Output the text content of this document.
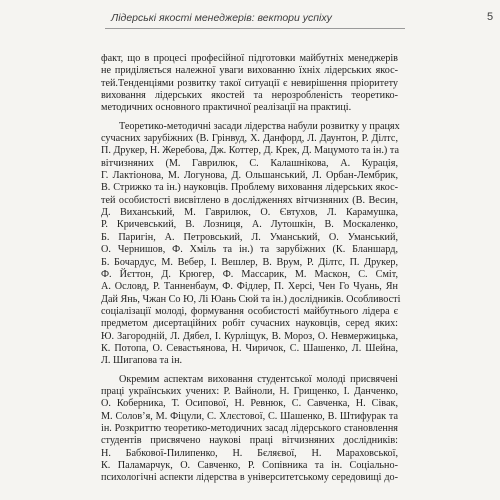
Лідерські якості менеджерів: вектори успіху	5
факт, що в процесі професійної підготовки майбутніх менеджерів
не приділяється належної уваги вихованню їхніх лідерських якос-
тей.Тенденціями розвитку такої ситуації є невирішення пріоритету
виховання лідерських якостей та нерозробленість теоретико-
методичних основного практичної реалізації на практиці.
Теоретико-методичні засади лідерства набули розвитку у працях
сучасних зарубіжних (В. Грінвуд, Х. Данфорд, Л. Даунтон, Р. Ділтс,
П. Друкер, Н. Жеребова, Дж. Коттер, Д. Крек, Д. Мацумото та ін.) та
вітчизняних (М. Гаврилюк, С. Калашнікова, А. Курація,
Г. Лактіонова, М. Логунова, Д. Ольшанський, Л. Орбан-Лембрик,
В. Стрижко та ін.) науковців. Проблему виховання лідерських якос-
тей особистості висвітлено в дослідженнях вітчизняних (В. Весин,
Д. Виханський, М. Гаврилюк, О. Євтухов, Л. Карамушка,
Р. Кричевський, В. Лозниця, А. Лутошкін, В. Москаленко,
Б. Паригін, А. Петровський, Л. Уманський, О. Уманський,
О. Чернишов, Ф. Хміль та ін.) та зарубіжних (К. Бланшард,
Б. Бочардус, М. Вебер, І. Вешлер, В. Врум, Р. Ділтс, П. Друкер,
Ф. Йєттон, Д. Крюгер, Ф. Массарик, М. Маскон, С. Сміт,
А. Ословд, Р. Танненбаум, Ф. Фідлер, П. Херсі, Чен Го Чуань, Ян
Дай Янь, Чжан Со Ю, Лі Юань Сюй та ін.) дослідників. Особливості
соціалізації молоді, формування особистості майбутнього лідера є
предметом дисертаційних робіт сучасних науковців, серед яких:
Ю. Загородній, Л. Дябел, І. Курліщук, В. Мороз, О. Невмержицька,
К. Потопа, О. Севастьянова, Н. Чиричок, С. Шашенко, Л. Шейна,
Л. Шигапова та ін.
Окремим аспектам виховання студентської молоді присвячені
праці українських учених: Р. Вайноли, Н. Грищенко, І. Данченко,
О. Коберника, Т. Осипової, Н. Ревнюк, С. Савченка, Н. Сівак,
М. Соловʼя, М. Фіцули, С. Хлєстової, С. Шашенко, В. Штифурак та
ін. Розкриттю теоретико-методичних засад лідерського становлення
студентів присвячено наукові праці вітчизняних дослідників:
Н. Бабкової-Пилипенко, Н. Бєляєвої, Н. Мараховської,
К. Паламарчук, О. Савченко, Р. Сопівника та ін. Соціально-
психологічні аспекти лідерства в університетському середовищі до-
